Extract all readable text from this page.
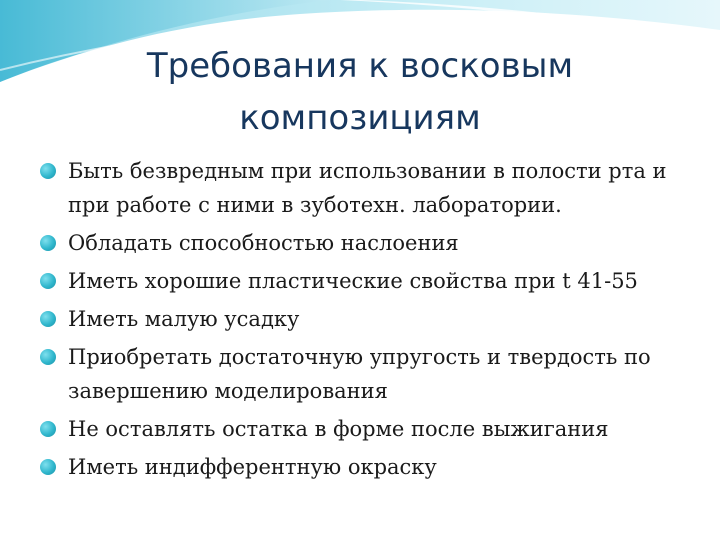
Требования к восковым композициям
Быть безвредным при использовании в полости рта и при работе с ними в зуботехн. лаборатории.
Обладать способностью наслоения
Иметь хорошие пластические свойства при t 41-55
Иметь малую усадку
Приобретать достаточную упругость и твердость по завершению моделирования
Не оставлять остатка в форме после выжигания
Иметь индифферентную окраску
